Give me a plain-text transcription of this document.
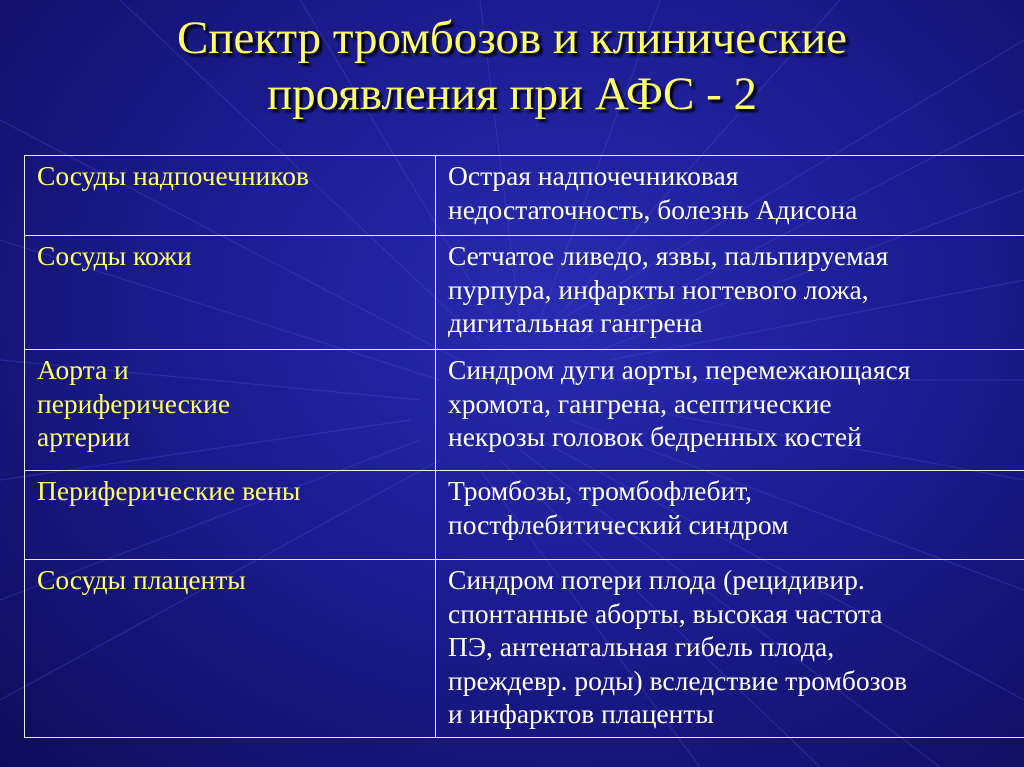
Спектр тромбозов и клинические
проявления при АФС - 2
Сосуды надпочечников	Острая надпочечниковая
недостаточность, болезнь Адисона

Сосуды кожи	Сетчатое ливедо, язвы, пальпируемая
пурпура, инфаркты ногтевого ложа,
дигитальная гангрена

Аорта и
периферические
артерии	Синдром дуги аорты, перемежающаяся
хромота, гангрена, асептические
некрозы головок бедренных костей

Периферические вены	Тромбозы, тромбофлебит,
постфлебитический синдром

Сосуды плаценты	Синдром потери плода (рецидивир.
спонтанные аборты, высокая частота
ПЭ, антенатальная гибель плода,
преждевр. роды) вследствие тромбозов
и инфарктов плаценты
